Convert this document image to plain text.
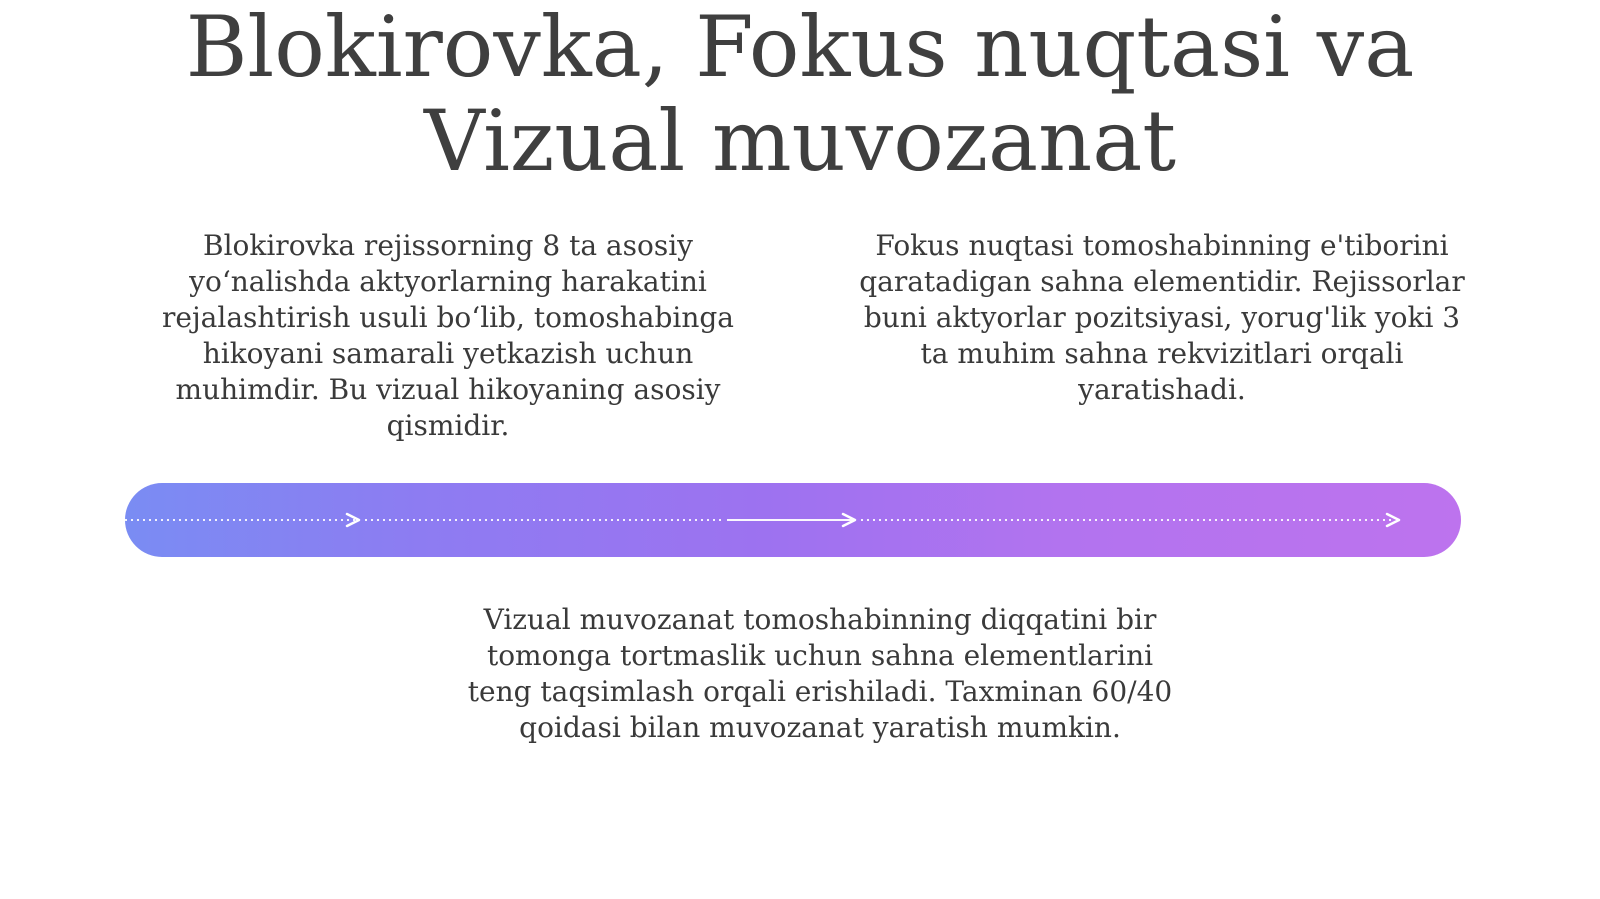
Blokirovka, Fokus nuqtasi va
Vizual muvozanat

Blokirovka rejissorning 8 ta asosiy yoʻnalishda aktyorlarning harakatini rejalashtirish usuli boʻlib, tomoshabinga hikoyani samarali yetkazish uchun muhimdir. Bu vizual hikoyaning asosiy qismidir.

Fokus nuqtasi tomoshabinning e'tiborini qaratadigan sahna elementidir. Rejissorlar buni aktyorlar pozitsiyasi, yorug'lik yoki 3 ta muhim sahna rekvizitlari orqali yaratishadi.

Vizual muvozanat tomoshabinning diqqatini bir tomonga tortmaslik uchun sahna elementlarini teng taqsimlash orqali erishiladi. Taxminan 60/40 qoidasi bilan muvozanat yaratish mumkin.
